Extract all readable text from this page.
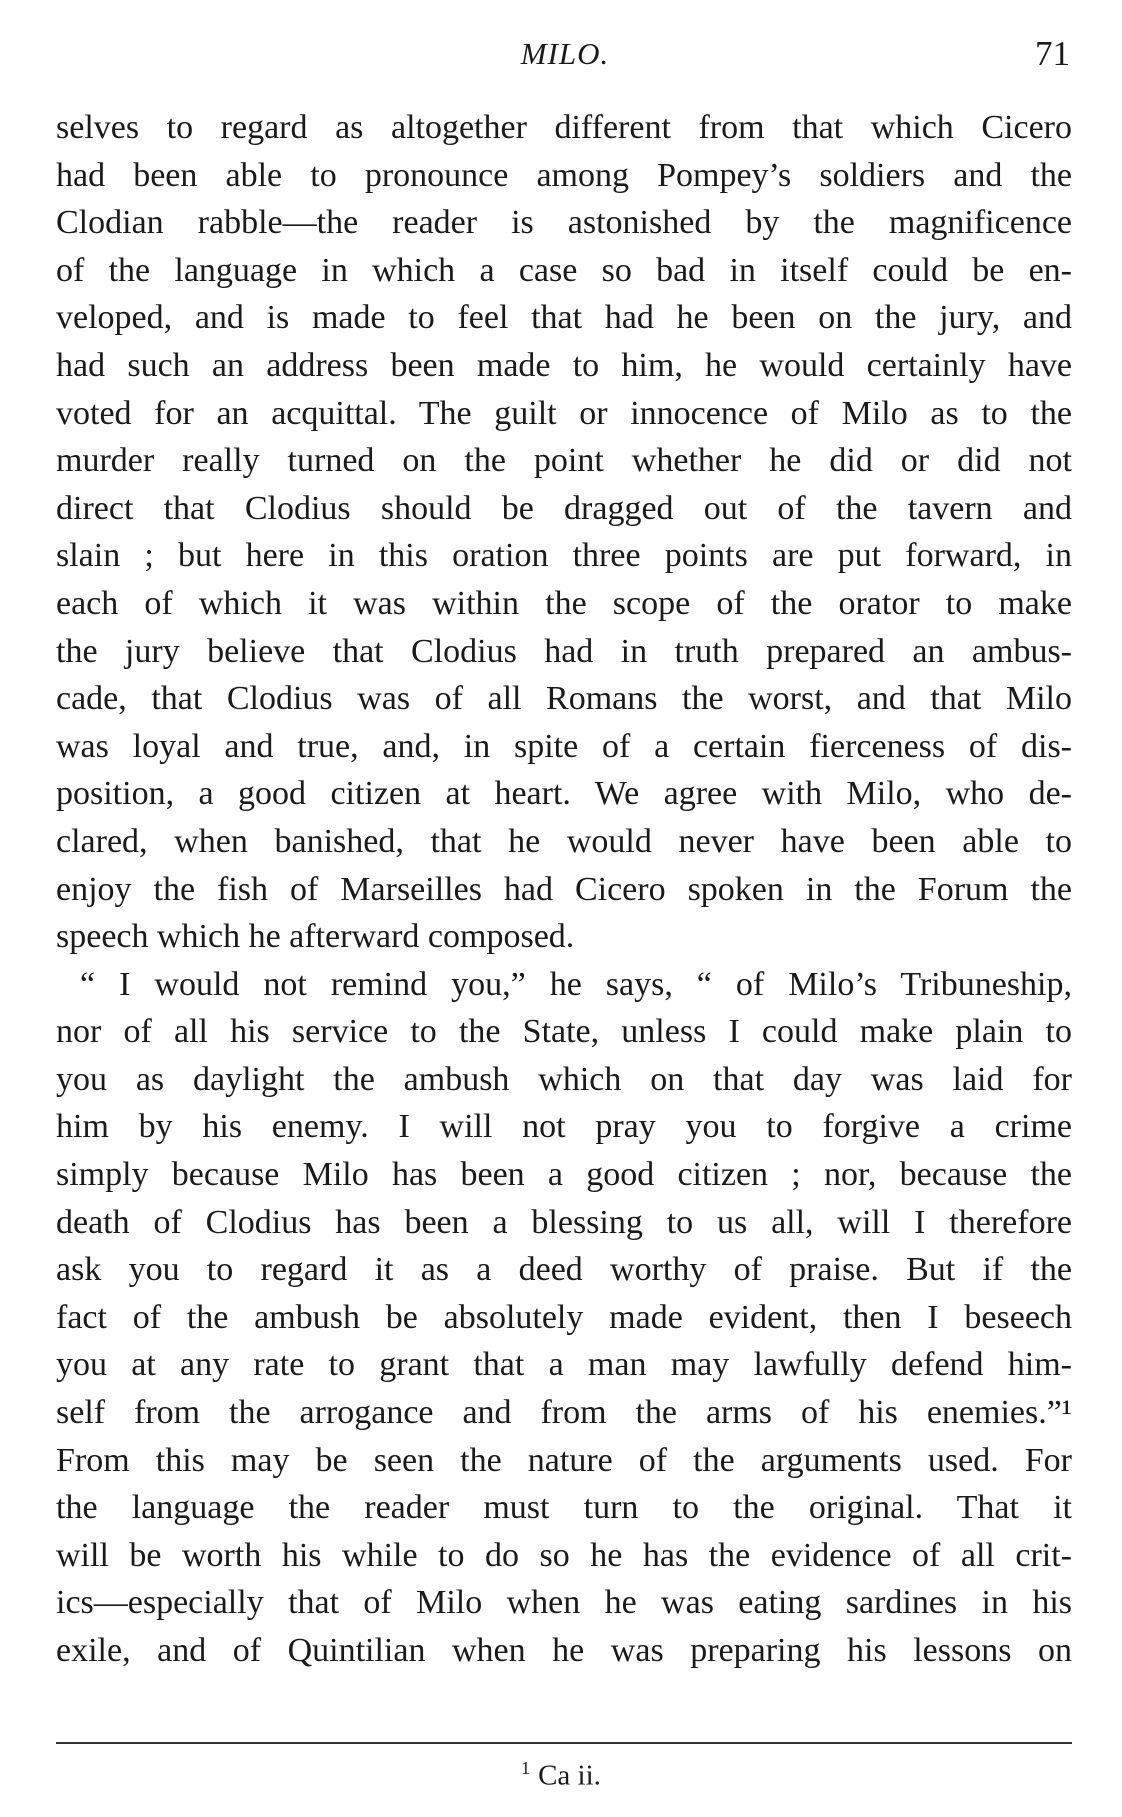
MILO.	71
selves to regard as altogether different from that which Cicero
had been able to pronounce among Pompey’s soldiers and the
Clodian rabble—the reader is astonished by the magnificence
of the language in which a case so bad in itself could be en-
veloped, and is made to feel that had he been on the jury, and
had such an address been made to him, he would certainly have
voted for an acquittal. The guilt or innocence of Milo as to the
murder really turned on the point whether he did or did not
direct that Clodius should be dragged out of the tavern and
slain ; but here in this oration three points are put forward, in
each of which it was within the scope of the orator to make
the jury believe that Clodius had in truth prepared an ambus-
cade, that Clodius was of all Romans the worst, and that Milo
was loyal and true, and, in spite of a certain fierceness of dis-
position, a good citizen at heart. We agree with Milo, who de-
clared, when banished, that he would never have been able to
enjoy the fish of Marseilles had Cicero spoken in the Forum the
speech which he afterward composed.
“ I would not remind you,” he says, “ of Milo’s Tribuneship,
nor of all his service to the State, unless I could make plain to
you as daylight the ambush which on that day was laid for
him by his enemy. I will not pray you to forgive a crime
simply because Milo has been a good citizen ; nor, because the
death of Clodius has been a blessing to us all, will I therefore
ask you to regard it as a deed worthy of praise. But if the
fact of the ambush be absolutely made evident, then I beseech
you at any rate to grant that a man may lawfully defend him-
self from the arrogance and from the arms of his enemies.”¹
From this may be seen the nature of the arguments used. For
the language the reader must turn to the original. That it
will be worth his while to do so he has the evidence of all crit-
ics—especially that of Milo when he was eating sardines in his
exile, and of Quintilian when he was preparing his lessons on
$^1$ Ca ii.
